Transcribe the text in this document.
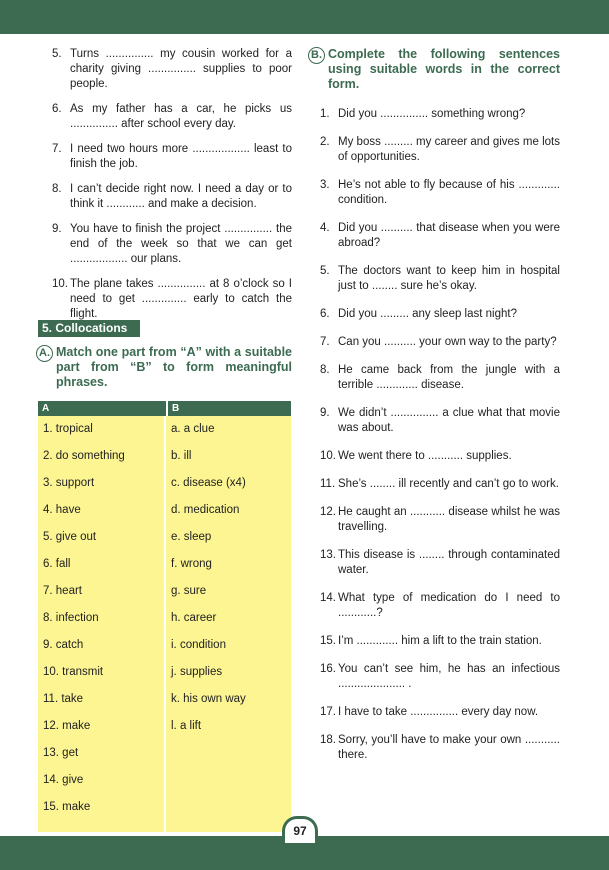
5. Turns ............... my cousin worked for a charity giving ............... supplies to poor people.
6. As my father has a car, he picks us ............... after school every day.
7. I need two hours more .................. least to finish the job.
8. I can’t decide right now. I need a day or to think it ............ and make a decision.
9. You have to finish the project ............... the end of the week so that we can get .................. our plans.
10. The plane takes ............... at 8 o’clock so I need to get .............. early to catch the flight.
5. Collocations
A. Match one part from “A” with a suitable part from “B” to form meaningful phrases.
A	B
1. tropical
2. do something
3. support
4. have
5. give out
6. fall
7. heart
8. infection
9. catch
10. transmit
11. take
12. make
13. get
14. give
15. make
a. a clue
b. ill
c. disease (x4)
d. medication
e. sleep
f. wrong
g. sure
h. career
i. condition
j. supplies
k. his own way
l. a lift
B. Complete the following sentences using suitable words in the correct form.
1. Did you ............... something wrong?
2. My boss ......... my career and gives me lots of opportunities.
3. He’s not able to fly because of his ............. condition.
4. Did you .......... that disease when you were abroad?
5. The doctors want to keep him in hospital just to ........ sure he’s okay.
6. Did you ......... any sleep last night?
7. Can you .......... your own way to the party?
8. He came back from the jungle with a terrible ............. disease.
9. We didn’t ............... a clue what that movie was about.
10. We went there to ........... supplies.
11. She’s ........ ill recently and can’t go to work.
12. He caught an ........... disease whilst he was travelling.
13. This disease is ........ through contaminated water.
14. What type of medication do I need to ............?
15. I’m ............. him a lift to the train station.
16. You can’t see him, he has an infectious ..................... .
17. I have to take ............... every day now.
18. Sorry, you’ll have to make your own ........... there.
97
